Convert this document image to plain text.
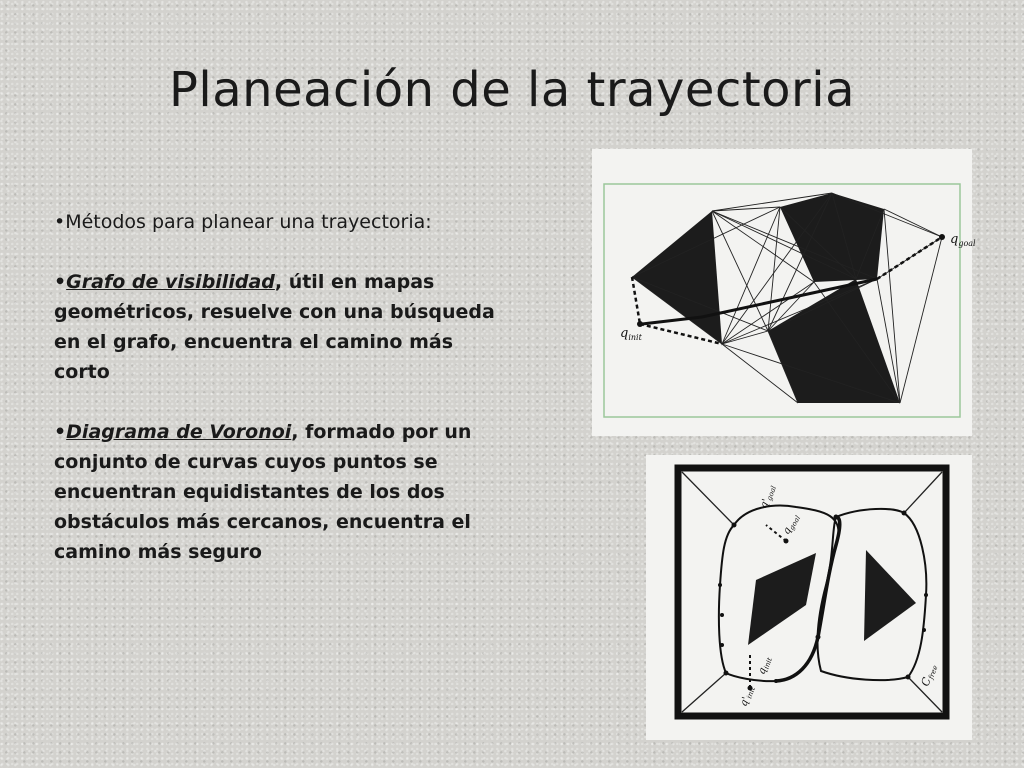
Planeación de la trayectoria

•Métodos para planear una trayectoria:

•Grafo de visibilidad, útil en mapas geométricos, resuelve con una búsqueda en el grafo, encuentra el camino más corto

•Diagrama de Voronoi, formado por un conjunto de curvas cuyos puntos se encuentran equidistantes de los dos obstáculos más cercanos, encuentra el camino más seguro

$q_{goal}$
$q_{init}$
$q'_{goal}$
$q_{goal}$
$q_{init}$
$q'_{init}$
Cfree
